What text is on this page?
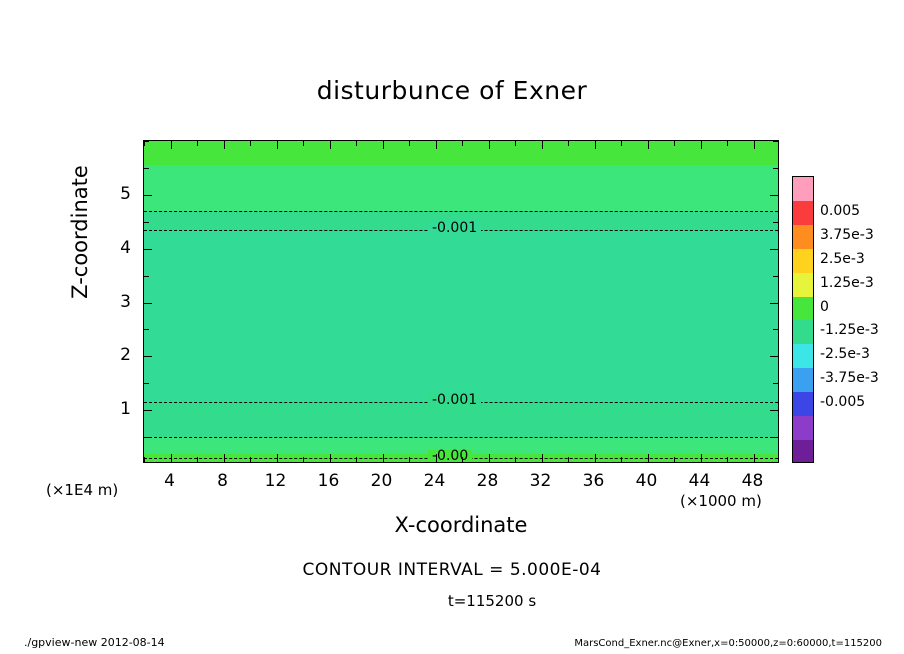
disturbunce of Exner
-0.001
-0.001
-0.00
4	8	12	16	20	24	28	32	36	40	44	48
1
2
3
4
5
X-coordinate
Z-coordinate
(×1000 m)
(×1E4 m)
0.005
3.75e-3
2.5e-3
1.25e-3
0
-1.25e-3
-2.5e-3
-3.75e-3
-0.005
CONTOUR INTERVAL = 5.000E-04
t=115200 s
./gpview-new 2012-08-14	MarsCond_Exner.nc@Exner,x=0:50000,z=0:60000,t=115200
